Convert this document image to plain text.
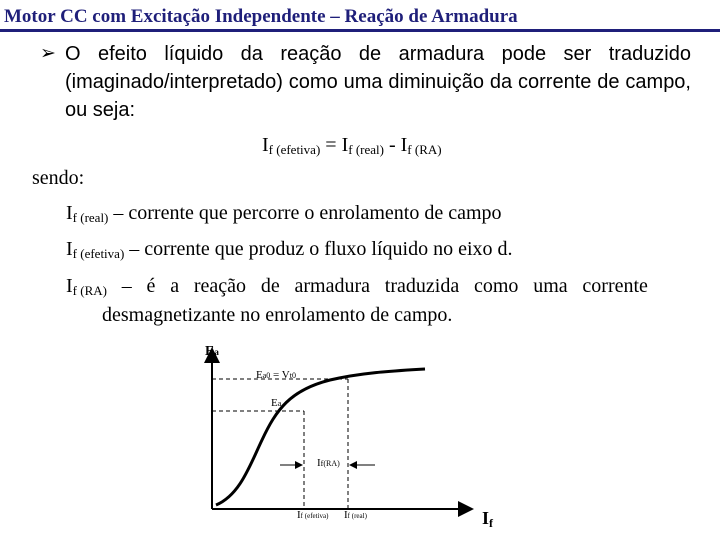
Motor CC com Excitação Independente – Reação de Armadura
➢ O efeito líquido da reação de armadura pode ser traduzido
(imaginado/interpretado) como uma diminuição da corrente de campo,
ou seja:
$I_{f (efetiva)} = I_{f (real)} - I_{f (RA)}$
sendo:
$I_{f (real)}$ – corrente que percorre o enrolamento de campo
$I_{f (efetiva)}$ – corrente que produz o fluxo líquido no eixo d.
$I_{f (RA)}$ – é a reação de armadura traduzida como uma corrente
desmagnetizante no enrolamento de campo.
Ea
Ea0 = Vt0
Ea
If(RA)
If (efetiva) If (real)	If
